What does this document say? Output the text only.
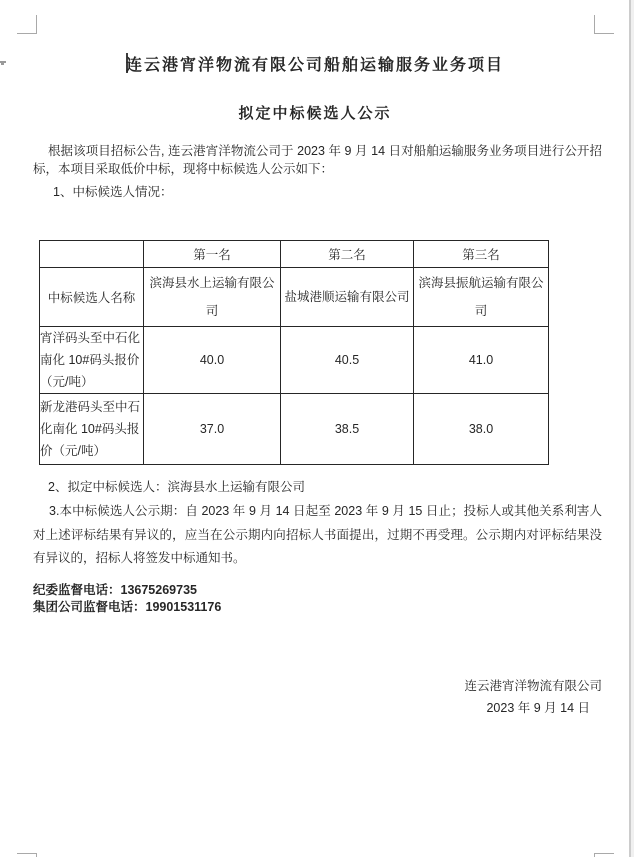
连云港宵洋物流有限公司船舶运输服务业务项目
拟定中标候选人公示
根据该项目招标公告, 连云港宵洋物流公司于 2023 年 9 月 14 日对船舶运输服务业务项目进行公开招标，本项目采取低价中标，现将中标候选人公示如下：
1、中标候选人情况：
	第一名	第二名	第三名
中标候选人名称	滨海县水上运输有限公司	盐城港顺运输有限公司	滨海县振航运输有限公司
宵洋码头至中石化南化 10#码头报价（元/吨）	40.0	40.5	41.0
新龙港码头至中石化南化 10#码头报价（元/吨）	37.0	38.5	38.0
2、拟定中标候选人：滨海县水上运输有限公司
3.本中标候选人公示期：自 2023 年 9 月 14 日起至 2023 年 9 月 15 日止；投标人或其他关系利害人对上述评标结果有异议的，应当在公示期内向招标人书面提出，过期不再受理。公示期内对评标结果没有异议的，招标人将签发中标通知书。
纪委监督电话：13675269735
集团公司监督电话：19901531176
连云港宵洋物流有限公司
2023 年 9 月 14 日
